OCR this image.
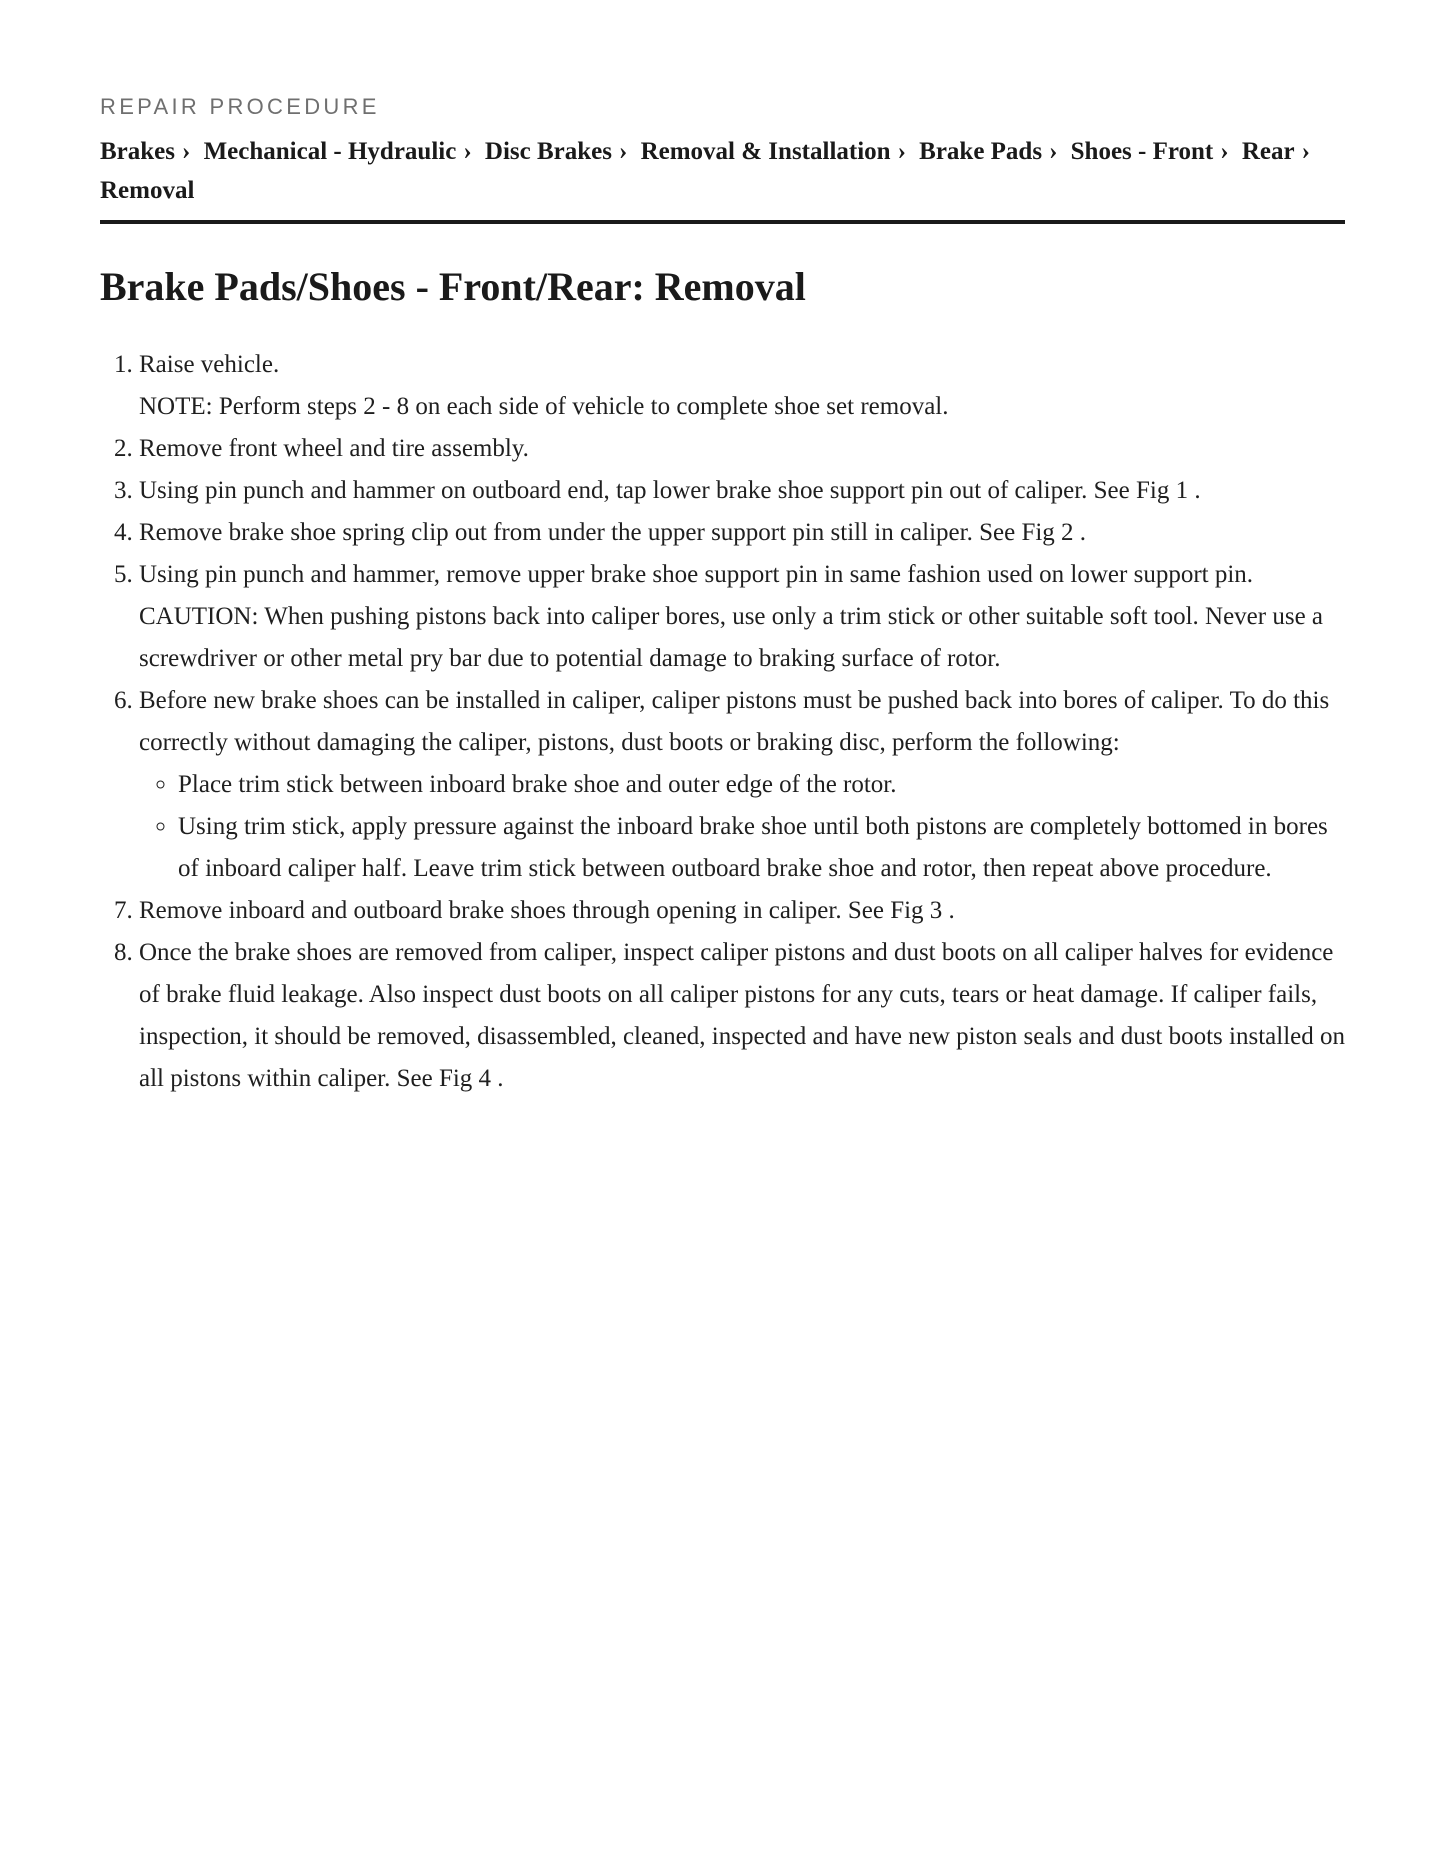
REPAIR PROCEDURE
Brakes › Mechanical - Hydraulic › Disc Brakes › Removal & Installation › Brake Pads › Shoes - Front › Rear › Removal
Brake Pads/Shoes - Front/Rear: Removal
1. Raise vehicle.
NOTE: Perform steps 2 - 8 on each side of vehicle to complete shoe set removal.
2. Remove front wheel and tire assembly.
3. Using pin punch and hammer on outboard end, tap lower brake shoe support pin out of caliper. See Fig 1 .
4. Remove brake shoe spring clip out from under the upper support pin still in caliper. See Fig 2 .
5. Using pin punch and hammer, remove upper brake shoe support pin in same fashion used on lower support pin.
CAUTION: When pushing pistons back into caliper bores, use only a trim stick or other suitable soft tool. Never use a screwdriver or other metal pry bar due to potential damage to braking surface of rotor.
6. Before new brake shoes can be installed in caliper, caliper pistons must be pushed back into bores of caliper. To do this correctly without damaging the caliper, pistons, dust boots or braking disc, perform the following:
◦ Place trim stick between inboard brake shoe and outer edge of the rotor.
◦ Using trim stick, apply pressure against the inboard brake shoe until both pistons are completely bottomed in bores of inboard caliper half. Leave trim stick between outboard brake shoe and rotor, then repeat above procedure.
7. Remove inboard and outboard brake shoes through opening in caliper. See Fig 3 .
8. Once the brake shoes are removed from caliper, inspect caliper pistons and dust boots on all caliper halves for evidence of brake fluid leakage. Also inspect dust boots on all caliper pistons for any cuts, tears or heat damage. If caliper fails, inspection, it should be removed, disassembled, cleaned, inspected and have new piston seals and dust boots installed on all pistons within caliper. See Fig 4 .
